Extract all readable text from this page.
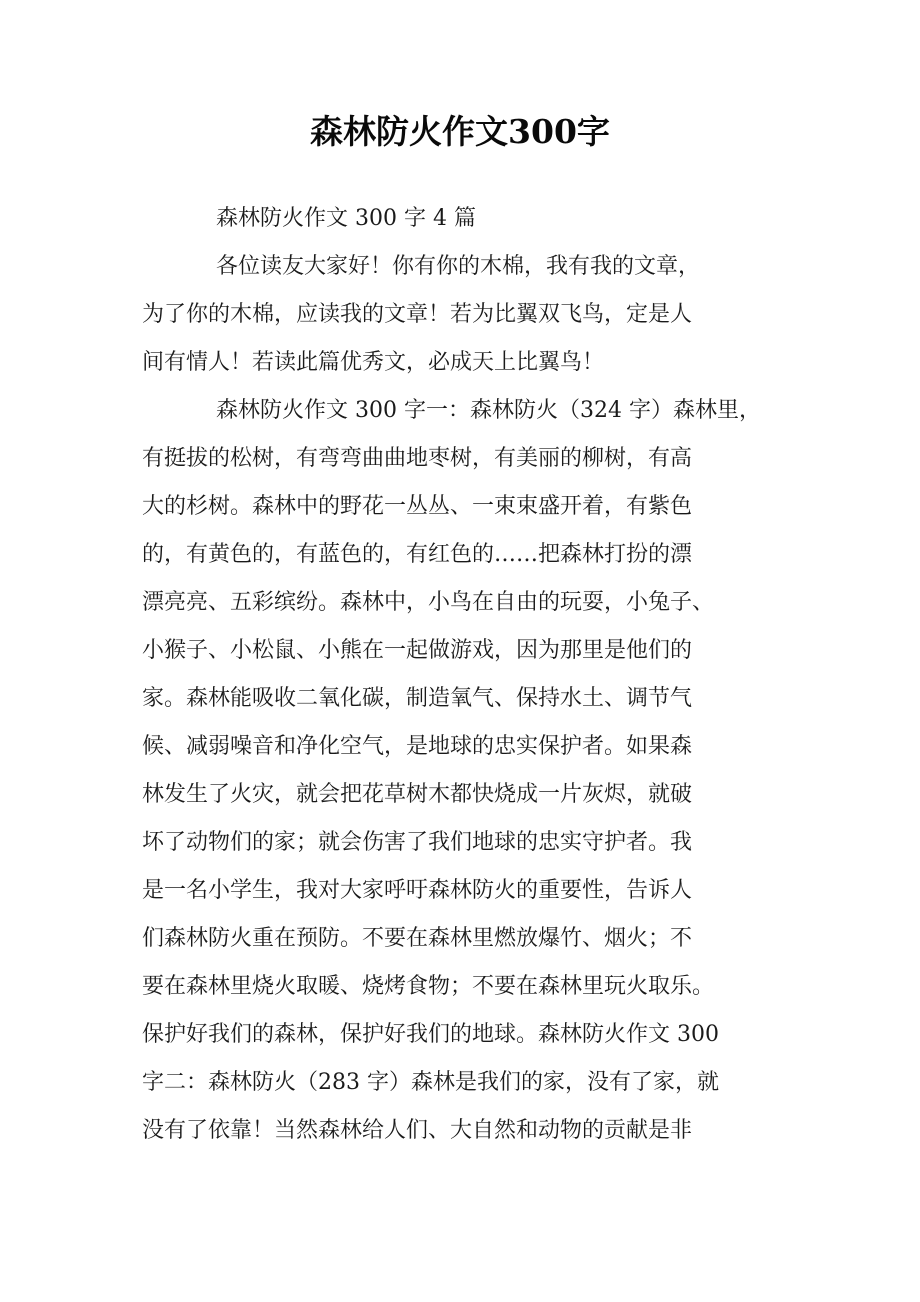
森林防火作文300字
森林防火作文 300 字 4 篇
各位读友大家好！你有你的木棉，我有我的文章，
为了你的木棉，应读我的文章！若为比翼双飞鸟，定是人
间有情人！若读此篇优秀文，必成天上比翼鸟！
森林防火作文 300 字一：森林防火（324 字）森林里，
有挺拔的松树，有弯弯曲曲地枣树，有美丽的柳树，有高
大的杉树。森林中的野花一丛丛、一束束盛开着，有紫色
的，有黄色的，有蓝色的，有红色的……把森林打扮的漂
漂亮亮、五彩缤纷。森林中，小鸟在自由的玩耍，小兔子、
小猴子、小松鼠、小熊在一起做游戏，因为那里是他们的
家。森林能吸收二氧化碳，制造氧气、保持水土、调节气
候、减弱噪音和净化空气，是地球的忠实保护者。如果森
林发生了火灾，就会把花草树木都快烧成一片灰烬，就破
坏了动物们的家；就会伤害了我们地球的忠实守护者。我
是一名小学生，我对大家呼吁森林防火的重要性，告诉人
们森林防火重在预防。不要在森林里燃放爆竹、烟火；不
要在森林里烧火取暖、烧烤食物；不要在森林里玩火取乐。
保护好我们的森林，保护好我们的地球。森林防火作文 300
字二：森林防火（283 字）森林是我们的家，没有了家，就
没有了依靠！当然森林给人们、大自然和动物的贡献是非
